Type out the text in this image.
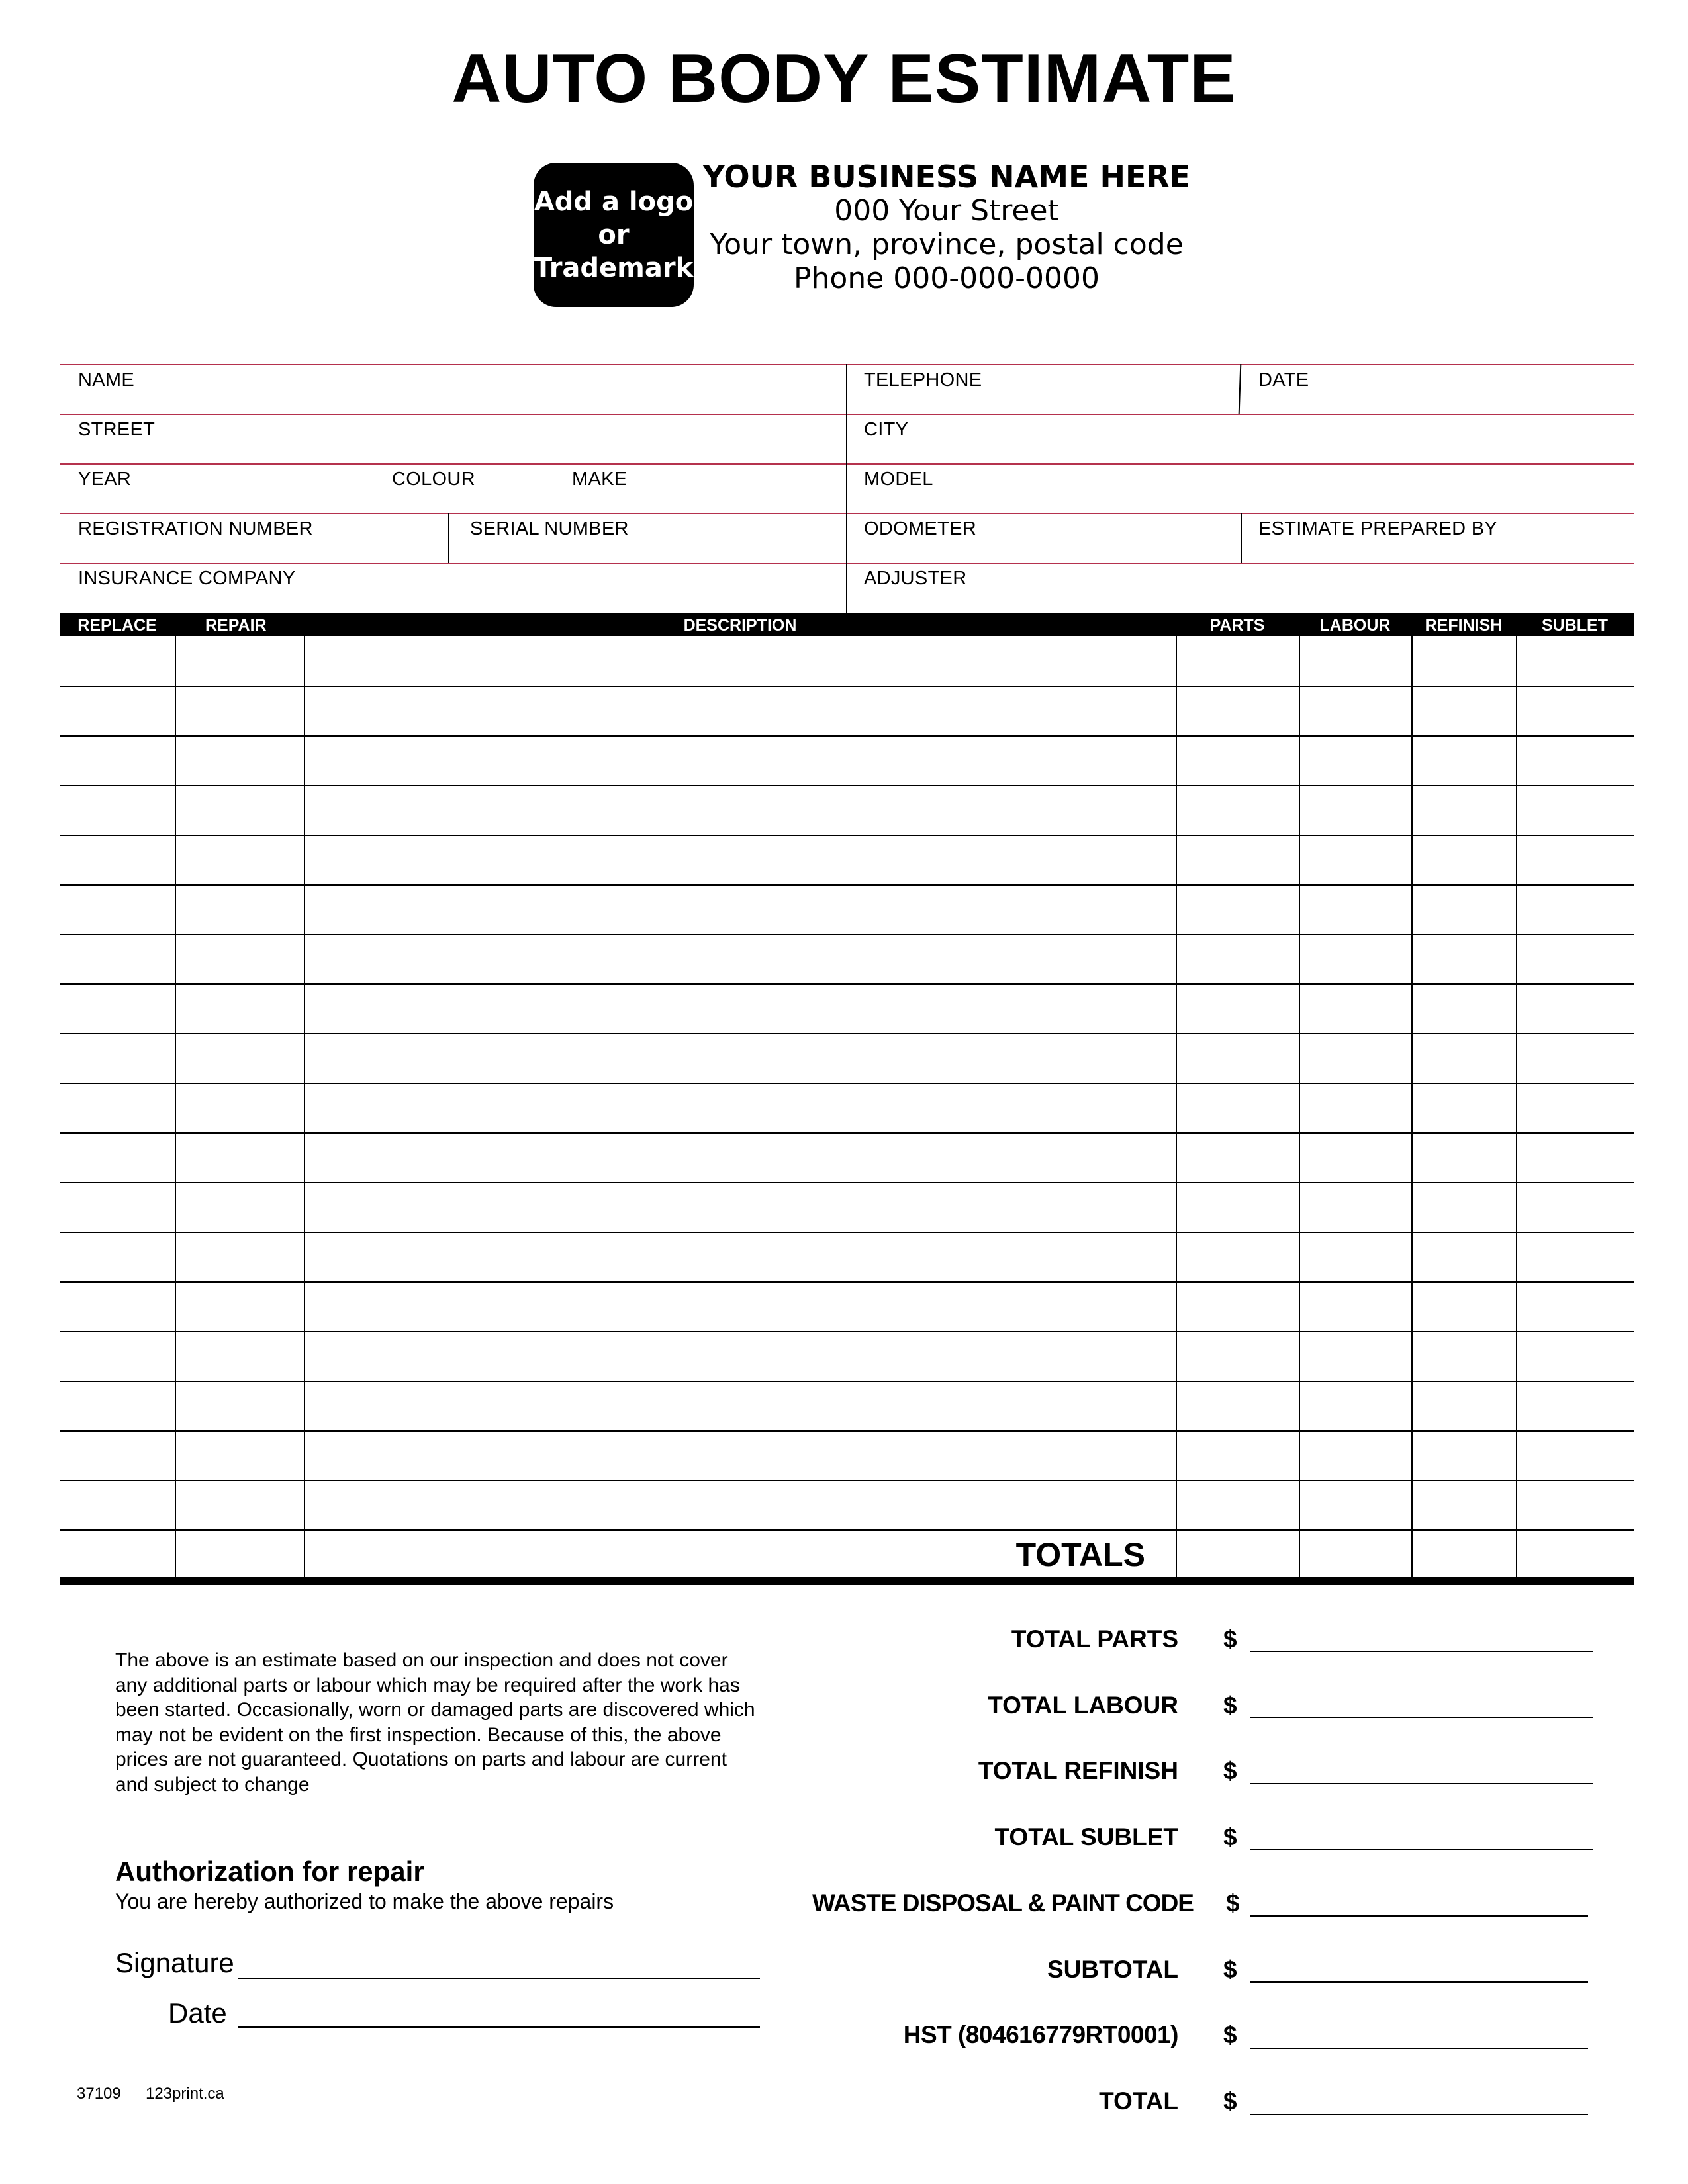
AUTO BODY ESTIMATE
Add a logo
or
Trademark
YOUR BUSINESS NAME HERE
000 Your Street
Your town, province, postal code
Phone 000-000-0000
NAME	TELEPHONE	DATE
STREET	CITY
YEAR	COLOUR	MAKE	MODEL
REGISTRATION NUMBER	SERIAL NUMBER	ODOMETER	ESTIMATE PREPARED BY
INSURANCE COMPANY	ADJUSTER
REPLACE	REPAIR	DESCRIPTION	PARTS	LABOUR	REFINISH	SUBLET
TOTALS
The above is an estimate based on our inspection and does not cover
any additional parts or labour which may be required after the work has
been started. Occasionally, worn or damaged parts are discovered which
may not be evident on the first inspection. Because of this, the above
prices are not guaranteed. Quotations on parts and labour are current
and subject to change
Authorization for repair
You are hereby authorized to make the above repairs
Signature
Date
TOTAL PARTS $
TOTAL LABOUR $
TOTAL REFINISH $
TOTAL SUBLET $
WASTE DISPOSAL & PAINT CODE $
SUBTOTAL $
HST (804616779RT0001) $
TOTAL $
37109 123print.ca
